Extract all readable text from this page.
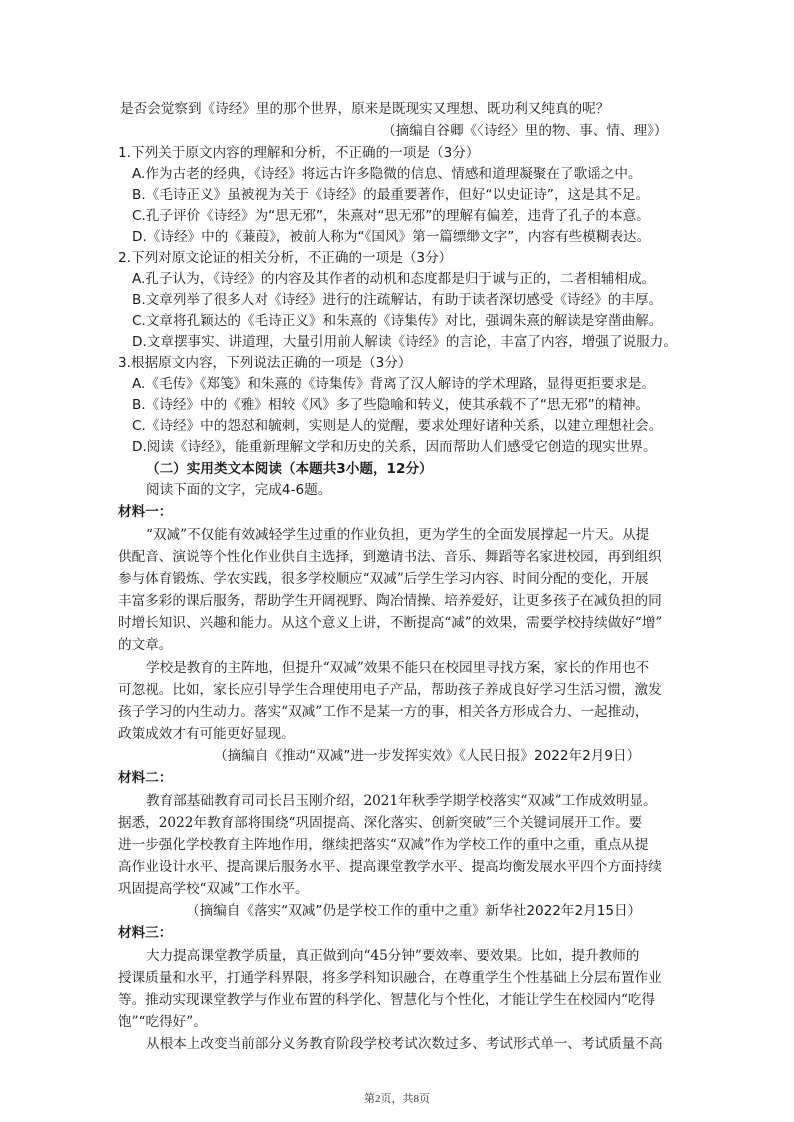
是否会觉察到《诗经》里的那个世界，原来是既现实又理想、既功利又纯真的呢？
（摘编自谷卿《〈诗经〉里的物、事、情、理》）
1.下列关于原文内容的理解和分析，不正确的一项是（3分）
A.作为古老的经典，《诗经》将远古许多隐微的信息、情感和道理凝聚在了歌谣之中。
B.《毛诗正义》虽被视为关于《诗经》的最重要著作，但好“以史证诗”，这是其不足。
C.孔子评价《诗经》为“思无邪”，朱熹对“思无邪”的理解有偏差，违背了孔子的本意。
D.《诗经》中的《蒹葭》，被前人称为“《国风》第一篇缥缈文字”，内容有些模糊表达。
2.下列对原文论证的相关分析，不正确的一项是（3分）
A.孔子认为，《诗经》的内容及其作者的动机和态度都是归于诚与正的，二者相辅相成。
B.文章列举了很多人对《诗经》进行的注疏解诂，有助于读者深切感受《诗经》的丰厚。
C.文章将孔颖达的《毛诗正义》和朱熹的《诗集传》对比，强调朱熹的解读是穿凿曲解。
D.文章摆事实、讲道理，大量引用前人解读《诗经》的言论，丰富了内容，增强了说服力。
3.根据原文内容，下列说法正确的一项是（3分）
A.《毛传》《郑笺》和朱熹的《诗集传》背离了汉人解诗的学术理路，显得更拒要求是。
B.《诗经》中的《雅》相较《风》多了些隐喻和转义，使其承载不了“思无邪”的精神。
C.《诗经》中的怨怼和毓刺，实则是人的觉醒，要求处理好诸种关系，以建立理想社会。
D.阅读《诗经》，能重新理解文学和历史的关系，因而帮助人们感受它创造的现实世界。
（二）实用类文本阅读（本题共3小题，12分）
阅读下面的文字，完成4-6题。
材料一：
“双减”不仅能有效减轻学生过重的作业负担，更为学生的全面发展撑起一片天。从提
供配音、演说等个性化作业供自主选择，到邀请书法、音乐、舞蹈等名家进校园，再到组织
参与体育锻炼、学农实践，很多学校顺应“双减”后学生学习内容、时间分配的变化，开展
丰富多彩的课后服务，帮助学生开阔视野、陶冶情操、培养爱好，让更多孩子在减负担的同
时增长知识、兴趣和能力。从这个意义上讲，不断提高“减”的效果，需要学校持续做好“增”
的文章。
学校是教育的主阵地，但提升“双减”效果不能只在校园里寻找方案，家长的作用也不
可忽视。比如，家长应引导学生合理使用电子产品，帮助孩子养成良好学习生活习惯，激发
孩子学习的内生动力。落实“双减”工作不是某一方的事，相关各方形成合力、一起推动，
政策成效才有可能更好显现。
（摘编自《推动“双减”进一步发挥实效》《人民日报》2022年2月9日）
材料二：
教育部基础教育司司长吕玉刚介绍，2021年秋季学期学校落实“双减”工作成效明显。
据悉，2022年教育部将围绕“巩固提高、深化落实、创新突破”三个关键词展开工作。要
进一步强化学校教育主阵地作用，继续把落实“双减”作为学校工作的重中之重，重点从提
高作业设计水平、提高课后服务水平、提高课堂教学水平、提高均衡发展水平四个方面持续
巩固提高学校“双减”工作水平。
（摘编自《落实“双减”仍是学校工作的重中之重》新华社2022年2月15日）
材料三：
大力提高课堂教学质量，真正做到向“45分钟”要效率、要效果。比如，提升教师的
授课质量和水平，打通学科界限，将多学科知识融合，在尊重学生个性基础上分层布置作业
等。推动实现课堂教学与作业布置的科学化、智慧化与个性化，才能让学生在校园内“吃得
饱”“吃得好”。
从根本上改变当前部分义务教育阶段学校考试次数过多、考试形式单一、考试质量不高
第2页，共8页
